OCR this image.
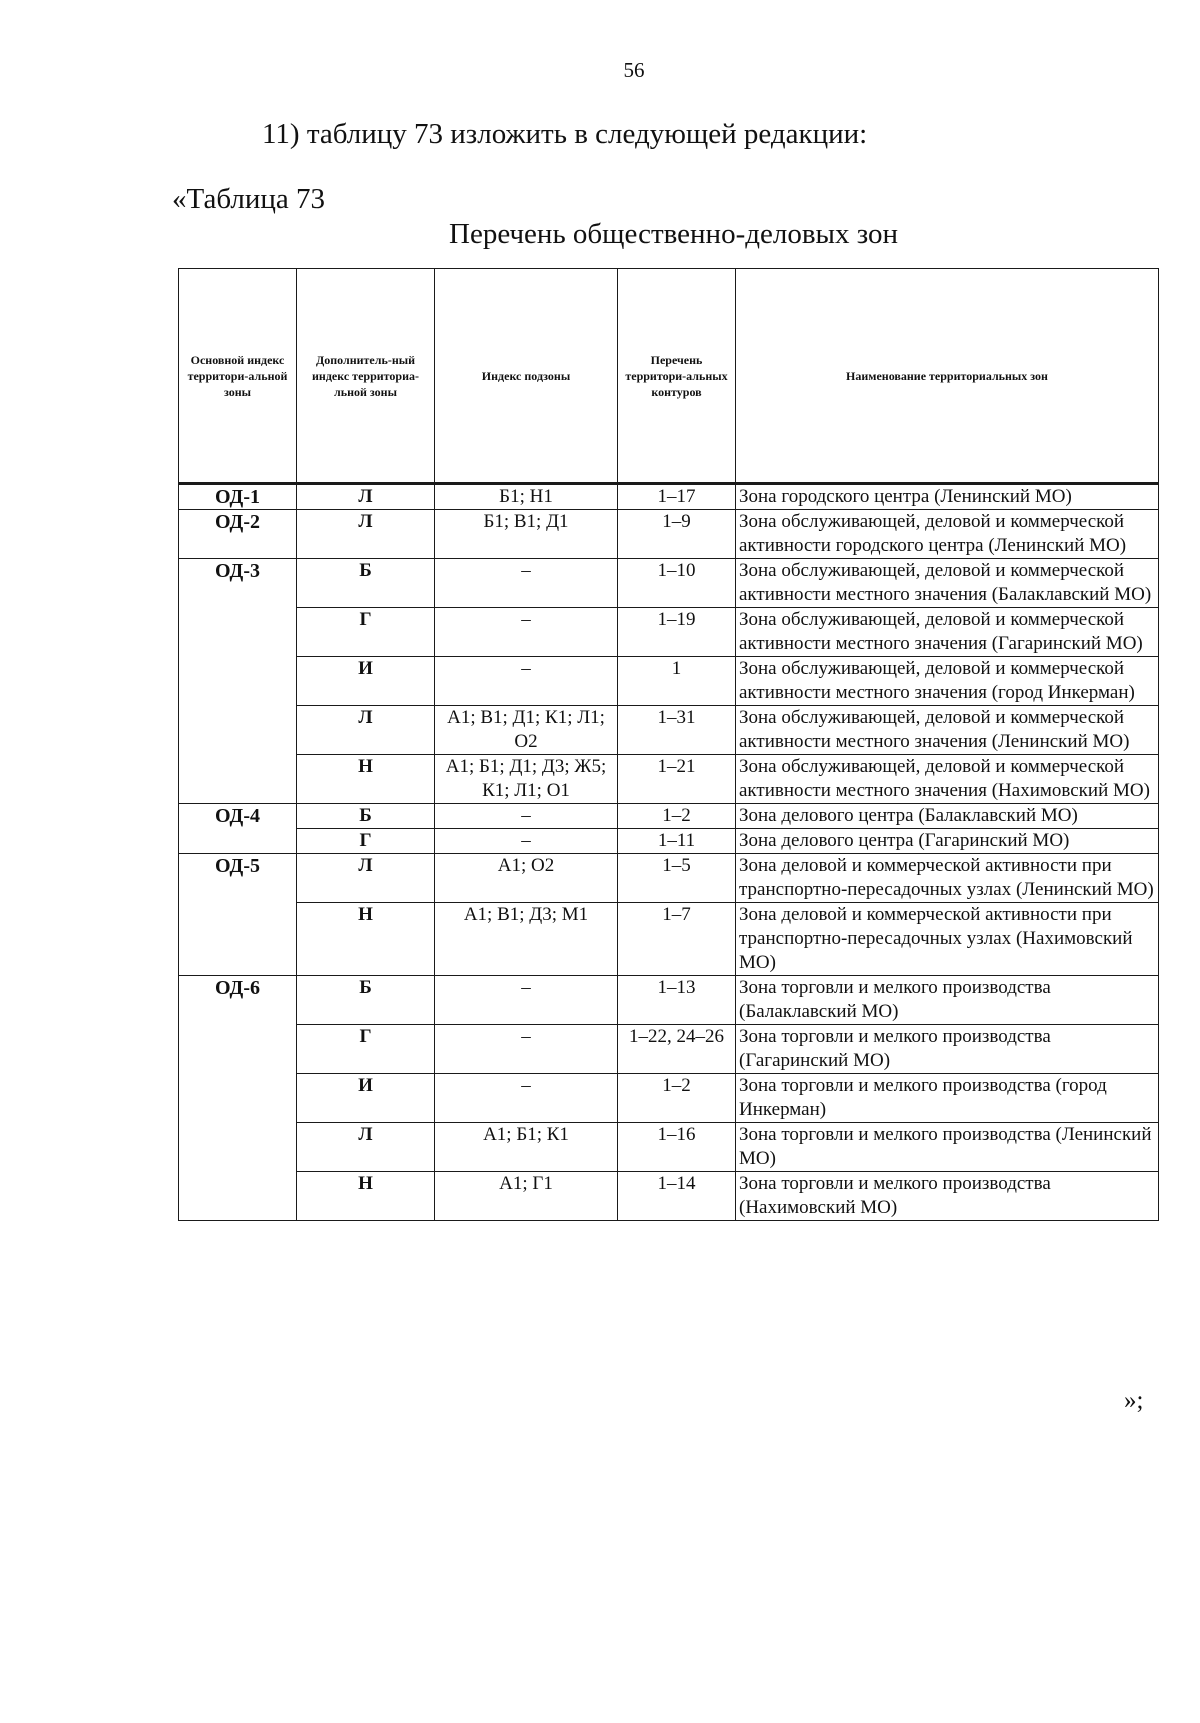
56
11) таблицу 73 изложить в следующей редакции:
«Таблица 73
Перечень общественно-деловых зон
Основной индекс территори-альной зоны	Дополнитель-ный индекс территориа-льной зоны	Индекс подзоны	Перечень территори-альных контуров	Наименование территориальных зон
ОД-1	Л	Б1; Н1	1–17	Зона городского центра (Ленинский МО)
ОД-2	Л	Б1; В1; Д1	1–9	Зона обслуживающей, деловой и коммерческой активности городского центра (Ленинский МО)
ОД-3	Б	–	1–10	Зона обслуживающей, деловой и коммерческой активности местного значения (Балаклавский МО)
	Г	–	1–19	Зона обслуживающей, деловой и коммерческой активности местного значения (Гагаринский МО)
	И	–	1	Зона обслуживающей, деловой и коммерческой активности местного значения (город Инкерман)
	Л	А1; В1; Д1; К1; Л1; О2	1–31	Зона обслуживающей, деловой и коммерческой активности местного значения (Ленинский МО)
	Н	А1; Б1; Д1; Д3; Ж5; К1; Л1; О1	1–21	Зона обслуживающей, деловой и коммерческой активности местного значения (Нахимовский МО)
ОД-4	Б	–	1–2	Зона делового центра (Балаклавский МО)
	Г	–	1–11	Зона делового центра (Гагаринский МО)
ОД-5	Л	А1; О2	1–5	Зона деловой и коммерческой активности при транспортно-пересадочных узлах (Ленинский МО)
	Н	А1; В1; Д3; М1	1–7	Зона деловой и коммерческой активности при транспортно-пересадочных узлах (Нахимовский МО)
ОД-6	Б	–	1–13	Зона торговли и мелкого производства (Балаклавский МО)
	Г	–	1–22, 24–26	Зона торговли и мелкого производства (Гагаринский МО)
	И	–	1–2	Зона торговли и мелкого производства (город Инкерман)
	Л	А1; Б1; К1	1–16	Зона торговли и мелкого производства (Ленинский МО)
	Н	А1; Г1	1–14	Зона торговли и мелкого производства (Нахимовский МО)
»;
